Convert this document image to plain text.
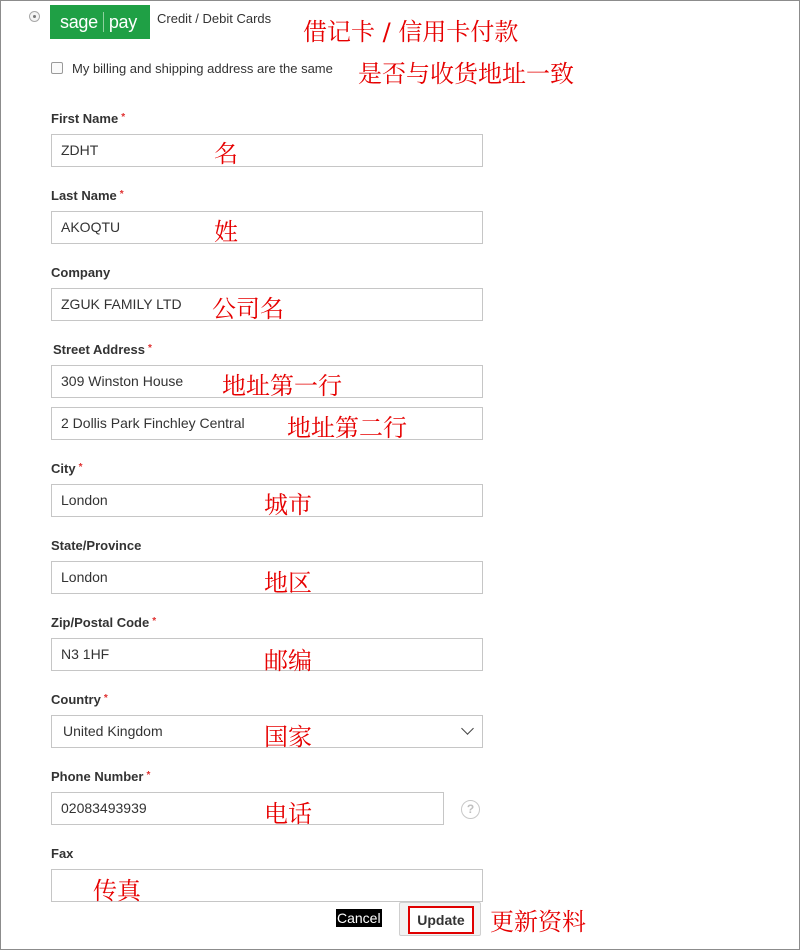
sage pay	Credit / Debit Cards 借记卡 / 信用卡付款
My billing and shipping address are the same 是否与收货地址一致
First Name *
ZDHT	名
Last Name *
AKOQTU	姓
Company
ZGUK FAMILY LTD	公司名
Street Address *
309 Winston House	地址第一行
2 Dollis Park Finchley Central	地址第二行
City *
London	城市
State/Province
London	地区
Zip/Postal Code *
N3 1HF	邮编
Country *
United Kingdom	国家
Phone Number *
02083493939	电话	?
Fax
传真
Cancel	Update	更新资料
